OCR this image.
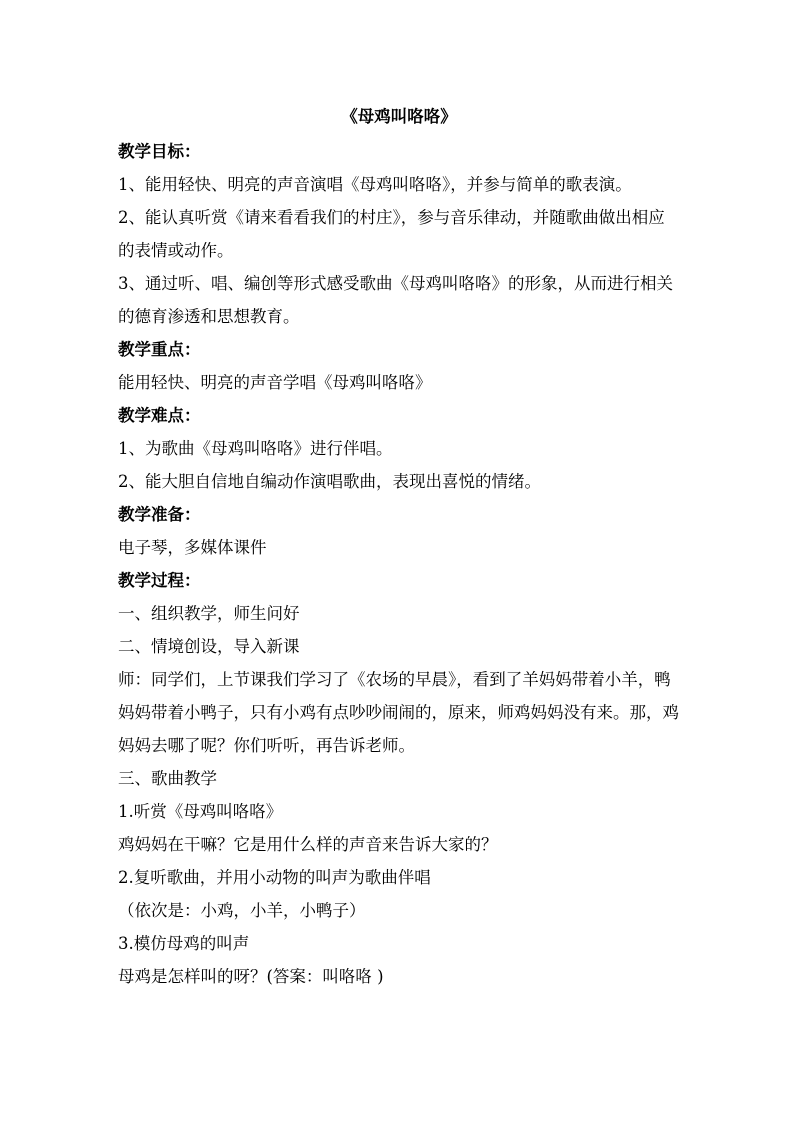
《母鸡叫咯咯》

教学目标：

1、能用轻快、明亮的声音演唱《母鸡叫咯咯》，并参与简单的歌表演。

2、能认真听赏《请来看看我们的村庄》，参与音乐律动，并随歌曲做出相应的表情或动作。

3、通过听、唱、编创等形式感受歌曲《母鸡叫咯咯》的形象，从而进行相关的德育渗透和思想教育。

教学重点：

能用轻快、明亮的声音学唱《母鸡叫咯咯》

教学难点：

1、为歌曲《母鸡叫咯咯》进行伴唱。

2、能大胆自信地自编动作演唱歌曲，表现出喜悦的情绪。

教学准备：

电子琴，多媒体课件

教学过程：

一、组织教学，师生问好

二、情境创设，导入新课

师：同学们，上节课我们学习了《农场的早晨》，看到了羊妈妈带着小羊，鸭妈妈带着小鸭子，只有小鸡有点吵吵闹闹的，原来，师鸡妈妈没有来。那，鸡妈妈去哪了呢？你们听听，再告诉老师。

三、歌曲教学

1.听赏《母鸡叫咯咯》

鸡妈妈在干嘛？它是用什么样的声音来告诉大家的？

2.复听歌曲，并用小动物的叫声为歌曲伴唱

（依次是：小鸡，小羊，小鸭子）

3.模仿母鸡的叫声

母鸡是怎样叫的呀？(答案：叫咯咯 )
